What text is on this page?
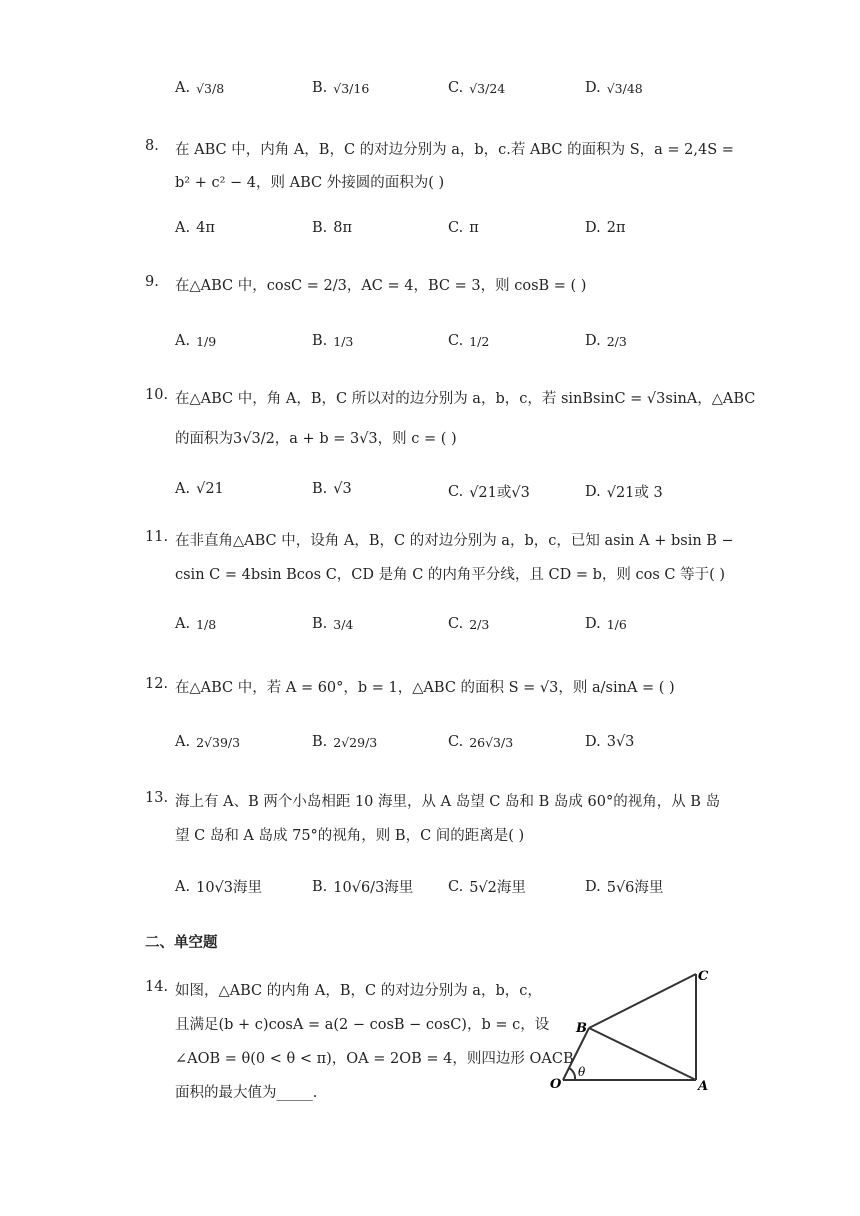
A. √3/8	B. √3/16	C. √3/24	D. √3/48
8. 在 ABC 中，内角 A，B，C 的对边分别为 a，b，c.若 ABC 的面积为 S，a = 2,4S =
b² + c² − 4，则 ABC 外接圆的面积为( )
A. 4π	B. 8π	C. π	D. 2π
9. 在△ABC 中，cosC = 2/3，AC = 4，BC = 3，则 cosB = ( )
A. 1/9	B. 1/3	C. 1/2	D. 2/3
10. 在△ABC 中，角 A，B，C 所以对的边分别为 a，b，c，若 sinBsinC = √3sinA，△ABC
的面积为3√3/2，a + b = 3√3，则 c = ( )
A. √21	B. √3	C. √21或√3	D. √21或 3
11. 在非直角△ABC 中，设角 A，B，C 的对边分别为 a，b，c，已知 asin A + bsin B −
csin C = 4bsin Bcos C，CD 是角 C 的内角平分线，且 CD = b，则 cos C 等于( )
A. 1/8	B. 3/4	C. 2/3	D. 1/6
12. 在△ABC 中，若 A = 60°，b = 1，△ABC 的面积 S = √3，则 a/sinA = ( )
A. 2√39/3	B. 2√29/3	C. 26√3/3	D. 3√3
13. 海上有 A、B 两个小岛相距 10 海里，从 A 岛望 C 岛和 B 岛成 60°的视角，从 B 岛
望 C 岛和 A 岛成 75°的视角，则 B，C 间的距离是( )
A. 10√3海里	B. 10√6/3海里 C. 5√2海里	D. 5√6海里
二、单空题
14. 如图，△ABC 的内角 A，B，C 的对边分别为 a，b，c，
且满足(b + c)cosA = a(2 − cosB − cosC)，b = c，设
∠AOB = θ(0 < θ < π)，OA = 2OB = 4，则四边形 OACB
面积的最大值为_____.
O	A
B
C
θ
